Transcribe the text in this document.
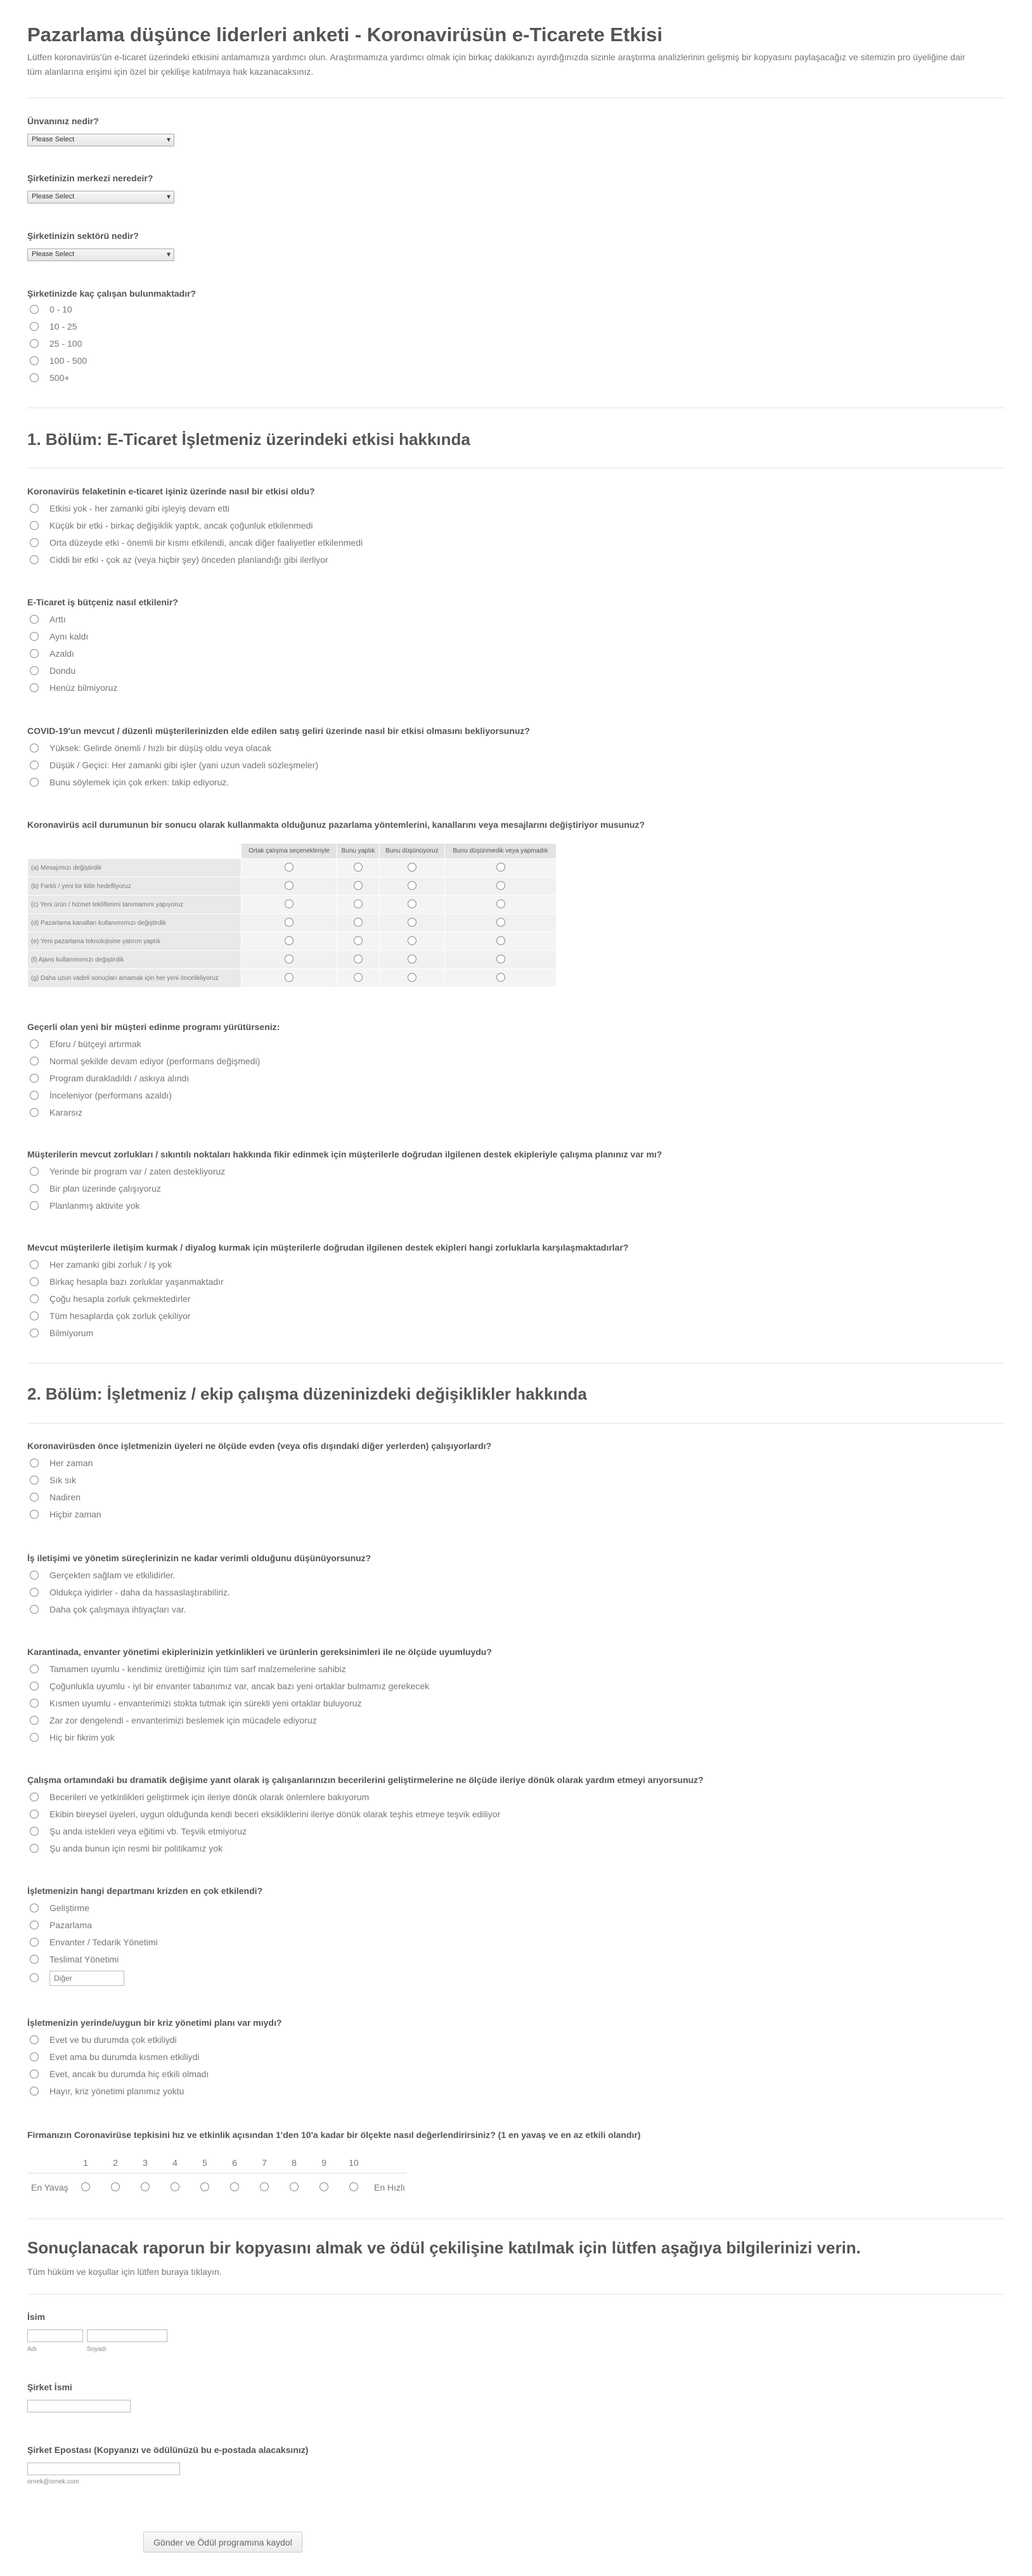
Pazarlama düşünce liderleri anketi - Koronavirüsün e-Ticarete Etkisi
Lütfen koronavirüs'ün e-ticaret üzerindeki etkisini anlamamıza yardımcı olun. Araştırmamıza yardımcı olmak için birkaç dakikanızı ayırdığınızda sizinle araştırma analizlerinin gelişmiş bir kopyasını paylaşacağız ve sitemizin pro üyeliğine dair tüm alanlarına erişimi için özel bir çekilişe katılmaya hak kazanacaksınız.
Ünvanınız nedir?
Please Select ▾
Şirketinizin merkezi neredeir?
Please Select ▾
Şirketinizin sektörü nedir?
Please Select ▾
Şirketinizde kaç çalışan bulunmaktadır?
0 - 10
10 - 25
25 - 100
100 - 500
500+
1. Bölüm: E-Ticaret İşletmeniz üzerindeki etkisi hakkında
Koronavirüs felaketinin e-ticaret işiniz üzerinde nasıl bir etkisi oldu?
Etkisi yok - her zamanki gibi işleyiş devam etti
Küçük bir etki - birkaç değişiklik yaptık, ancak çoğunluk etkilenmedi
Orta düzeyde etki - önemli bir kısmı etkilendi, ancak diğer faaliyetler etkilenmedi
Ciddi bir etki - çok az (veya hiçbir şey) önceden planlandığı gibi ilerliyor
E-Ticaret iş bütçeniz nasıl etkilenir?
Arttı
Aynı kaldı
Azaldı
Dondu
Henüz bilmiyoruz
COVID-19'un mevcut / düzenli müşterilerinizden elde edilen satış geliri üzerinde nasıl bir etkisi olmasını bekliyorsunuz?
Yüksek: Gelirde önemli / hızlı bir düşüş oldu veya olacak
Düşük / Geçici: Her zamanki gibi işler (yani uzun vadeli sözleşmeler)
Bunu söylemek için çok erken: takip ediyoruz.
Koronavirüs acil durumunun bir sonucu olarak kullanmakta olduğunuz pazarlama yöntemlerini, kanallarını veya mesajlarını değiştiriyor musunuz?
	Ortak çalışma seçenekleriyle	Bunu yaptık	Bunu düşünüyoruz	Bunu düşünmedik veya yapmadık
(a) Mesajımızı değiştirdik				
(b) Farklı / yeni bir kitle hedefliyoruz				
(c) Yeni ürün / hizmet tekliflerimi tanımamını yapıyoruz				
(d) Pazarlama kanalları kullanımımızı değiştirdik				
(e) Yeni pazarlama teknolojisine yatırım yaptık				
(f) Ajans kullanımımızı değiştirdik				
(g) Daha uzun vadeli sonuçları amamak için her yeni öncelikliyoruz				
Geçerli olan yeni bir müşteri edinme programı yürütürseniz:
Eforu / bütçeyi artırmak
Normal şekilde devam ediyor (performans değişmedi)
Program durakladıldı / askıya alındı
İnceleniyor (performans azaldı)
Kararsız
Müşterilerin mevcut zorlukları / sıkıntılı noktaları hakkında fikir edinmek için müşterilerle doğrudan ilgilenen destek ekipleriyle çalışma planınız var mı?
Yerinde bir program var / zaten destekliyoruz
Bir plan üzerinde çalışıyoruz
Planlanmış aktivite yok
Mevcut müşterilerle iletişim kurmak / diyalog kurmak için müşterilerle doğrudan ilgilenen destek ekipleri hangi zorluklarla karşılaşmaktadırlar?
Her zamanki gibi zorluk / iş yok
Birkaç hesapla bazı zorluklar yaşanmaktadır
Çoğu hesapla zorluk çekmektedirler
Tüm hesaplarda çok zorluk çekiliyor
Bilmiyorum
2. Bölüm: İşletmeniz / ekip çalışma düzeninizdeki değişiklikler hakkında
Koronavirüsden önce işletmenizin üyeleri ne ölçüde evden (veya ofis dışındaki diğer yerlerden) çalışıyorlardı?
Her zaman
Sık sık
Nadiren
Hiçbir zaman
İş iletişimi ve yönetim süreçlerinizin ne kadar verimli olduğunu düşünüyorsunuz?
Gerçekten sağlam ve etkilidirler.
Oldukça iyidirler - daha da hassaslaştırabiliriz.
Daha çok çalışmaya ihtiyaçları var.
Karantinada, envanter yönetimi ekiplerinizin yetkinlikleri ve ürünlerin gereksinimleri ile ne ölçüde uyumluydu?
Tamamen uyumlu - kendimiz ürettiğimiz için tüm sarf malzemelerine sahibiz
Çoğunlukla uyumlu - iyi bir envanter tabanımız var, ancak bazı yeni ortaklar bulmamız gerekecek
Kısmen uyumlu - envanterimizi stokta tutmak için sürekli yeni ortaklar buluyoruz
Zar zor dengelendi - envanterimizi beslemek için mücadele ediyoruz
Hiç bir fikrim yok
Çalışma ortamındaki bu dramatik değişime yanıt olarak iş çalışanlarınızın becerilerini geliştirmelerine ne ölçüde ileriye dönük olarak yardım etmeyi arıyorsunuz?
Becerileri ve yetkinlikleri geliştirmek için ileriye dönük olarak önlemlere bakıyorum
Ekibin bireysel üyeleri, uygun olduğunda kendi beceri eksikliklerini ileriye dönük olarak teşhis etmeye teşvik ediliyor
Şu anda istekleri veya eğitimi vb. Teşvik etmiyoruz
Şu anda bunun için resmi bir politikamız yok
İşletmenizin hangi departmanı krizden en çok etkilendi?
Geliştirme
Pazarlama
Envanter / Tedarik Yönetimi
Teslimat Yönetimi
Diğer
İşletmenizin yerinde/uygun bir kriz yönetimi planı var mıydı?
Evet ve bu durumda çok etkiliydi
Evet ama bu durumda kısmen etkiliydi
Evet, ancak bu durumda hiç etkili olmadı
Hayır, kriz yönetimi planımız yoktu
Firmanızın Coronavirüse tepkisini hız ve etkinlik açısından 1'den 10'a kadar bir ölçekte nasıl değerlendirirsiniz? (1 en yavaş ve en az etkili olandır)
1	2	3	4	5	6	7	8	9	10
En Yavaş	En Hızlı
Sonuçlanacak raporun bir kopyasını almak ve ödül çekilişine katılmak için lütfen aşağıya bilgilerinizi verin.
Tüm hüküm ve koşullar için lütfen buraya tıklayın.
İsim
Adı	Soyadı
Şirket İsmi
Şirket Epostası (Kopyanızı ve ödülünüzü bu e-postada alacaksınız)
ornek@ornek.com
Gönder ve Ödül programına kaydol
